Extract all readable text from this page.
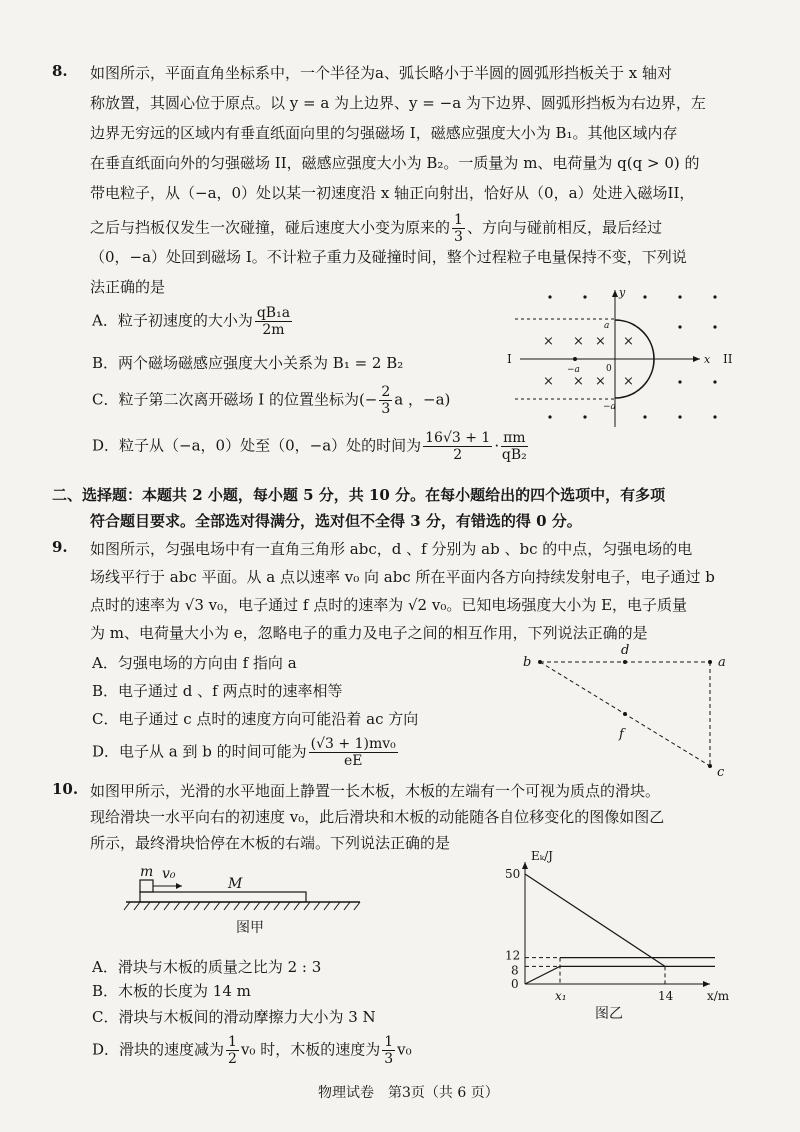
8. 如图所示，平面直角坐标系中，一个半径为a、弧长略小于半圆的圆弧形挡板关于 x 轴对
称放置，其圆心位于原点。以 y = a 为上边界、y = −a 为下边界、圆弧形挡板为右边界，左
边界无穷远的区域内有垂直纸面向里的匀强磁场 I，磁感应强度大小为 B₁。其他区域内存
在垂直纸面向外的匀强磁场 II，磁感应强度大小为 B₂。一质量为 m、电荷量为 q(q > 0) 的
带电粒子，从（−a，0）处以某一初速度沿 x 轴正向射出，恰好从（0，a）处进入磁场II，
之后与挡板仅发生一次碰撞，碰后速度大小变为原来的 $\frac{1}{3}$ 、方向与碰前相反，最后经过
（0，−a）处回到磁场 I。不计粒子重力及碰撞时间，整个过程粒子电量保持不变，下列说
法正确的是
A．粒子初速度的大小为 $\frac{\text{qB₁a}}{2m}$
B．两个磁场磁感应强度大小关系为 B₁ = 2 B₂
C．粒子第二次离开磁场 I 的位置坐标为(− $\frac{2}{3}$ a ，−a)
D．粒子从（−a，0）处至（0，−a）处的时间为 $\frac{16√3 + 1}{2} \cdot \frac{\pi m}{\text{qB₂}}$
× ×	×
× ×	×
×
×
y
x
a
−a	0
−a
I	II
二、选择题：本题共 2 小题，每小题 5 分，共 10 分。在每小题给出的四个选项中，有多项
符合题目要求。全部选对得满分，选对但不全得 3 分，有错选的得 0 分。
9. 如图所示，匀强电场中有一直角三角形 abc，d 、f 分别为 ab 、bc 的中点，匀强电场的电
场线平行于 abc 平面。从 a 点以速率 v₀ 向 abc 所在平面内各方向持续发射电子，电子通过 b
点时的速率为 √3 v₀，电子通过 f 点时的速率为 √2 v₀。已知电场强度大小为 E，电子质量
为 m、电荷量大小为 e，忽略电子的重力及电子之间的相互作用，下列说法正确的是
A．匀强电场的方向由 f 指向 a
B．电子通过 d 、f 两点时的速率相等
C．电子通过 c 点时的速度方向可能沿着 ac 方向
D．电子从 a 到 b 的时间可能为 $\frac{\text{(√3 + 1)mv₀}}{eE}$
b
d
a
f
c
10. 如图甲所示，光滑的水平地面上静置一长木板，木板的左端有一个可视为质点的滑块。
现给滑块一水平向右的初速度 v₀，此后滑块和木板的动能随各自位移变化的图像如图乙
所示，最终滑块恰停在木板的右端。下列说法正确的是
m v₀
M
图甲
Eₖ/J
x/m
50
12
8
0
x₁	14
图乙
A．滑块与木板的质量之比为 2 : 3
B．木板的长度为 14 m
C．滑块与木板间的滑动摩擦力大小为 3 N
D．滑块的速度减为 $\frac{1}{2} v_0$ 时，木板的速度为 $\frac{1}{3} v_0$
物理试卷　第3页（共 6 页）
